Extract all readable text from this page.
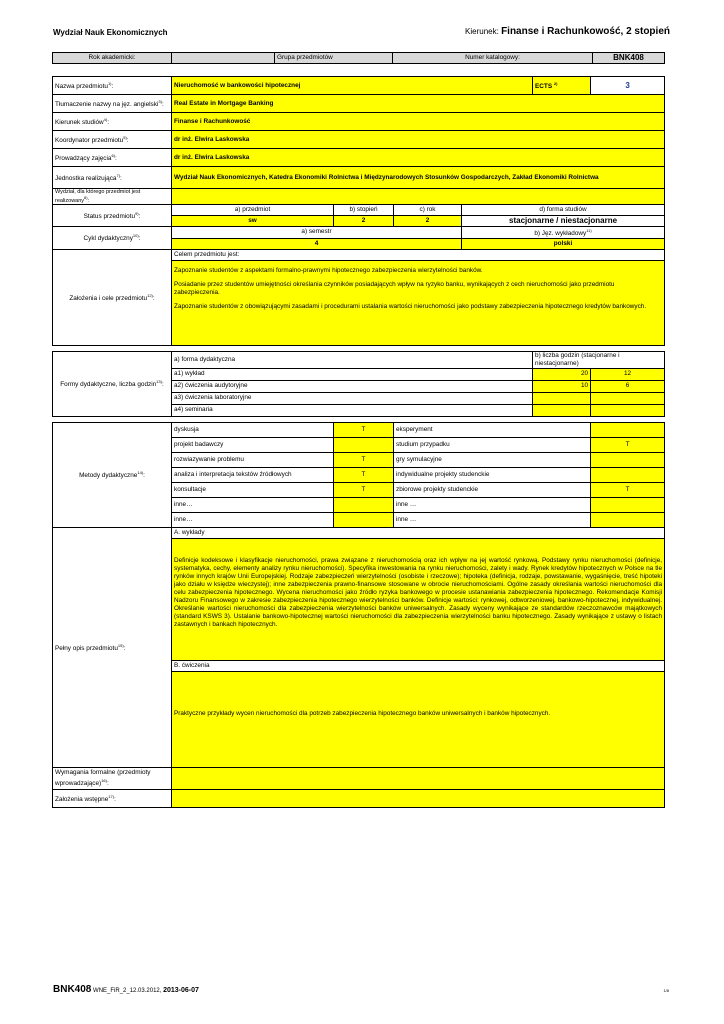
Wydział Nauk Ekonomicznych	Kierunek: Finanse i Rachunkowość, 2 stopień
Rok akademicki:		Grupa przedmiotów	Numer katalogowy:	BNK408
Nazwa przedmiotu$^{1)}$:	Nieruchomość w bankowości hipotecznej				ECTS $^{2)}$	3
Tłumaczenie nazwy na jęz. angielski$^{3)}$:	Real Estate in Mortgage Banking					
Kierunek studiów$^{4)}$:	Finanse i Rachunkowość					
Koordynator przedmiotu$^{5)}$:	dr inż. Elwira Laskowska					
Prowadzący zajęcia$^{6)}$:	dr inż. Elwira Laskowska					
Jednostka realizująca$^{7)}$:	Wydział Nauk Ekonomicznych, Katedra Ekonomiki Rolnictwa i Międzynarodowych Stosunków Gospodarczych, Zakład Ekonomiki Rolnictwa					
Wydział, dla którego przedmiot jest realizowany$^{8)}$:						
Status przedmiotu$^{9)}$:	a) przedmiot	b) stopień	c) rok	d) forma studiów		
	sw	2	2	stacjonarne / niestacjonarne		
Cykl dydaktyczny$^{10)}$:	a) semestr			b) Jęz. wykładowy$^{11)}$
	4			polski		
Założenia i cele przedmiotu$^{12)}$:	Celem przedmiotu jest:
Zapoznanie studentów z aspektami formalno-prawnymi hipotecznego zabezpieczenia wierzytelności banków.
Posiadanie przez studentów umiejętności określania czynników posiadających wpływ na ryzyko banku, wynikających z cech nieruchomości jako przedmiotu zabezpieczenia.
Zapoznanie studentów z obowiązującymi zasadami i procedurami ustalania wartości nieruchomości jako podstawy zabezpieczenia hipotecznego kredytów bankowych.					

Formy dydaktyczne, liczba godzin$^{13)}$:	a) forma dydaktyczna				b) liczba godzin (stacjonarne i niestacjonarne)	
	a1) wykład				20	12
	a2) ćwiczenia audytoryjne				10	6
	a3) ćwiczenia laboratoryjne					
	a4) seminaria					

Metody dydaktyczne$^{14)}$:	dyskusja	T	eksperyment			
	projekt badawczy		studium przypadku			T
	rozwiazywanie problemu	T	gry symulacyjne			
	analiza i interpretacja tekstów źródłowych	T	indywidualne projekty studenckie			
	konsultacje	T	zbiorowe projekty studenckie			T
	inne…		inne …			
	inne…		inne …			
Pełny opis przedmiotu$^{15)}$:	A. wykłady
Definicje kodeksowe i klasyfikacje nieruchomości, prawa związane z nieruchomością oraz ich wpływ na jej wartość rynkową. Podstawy rynku nieruchomości (definicje, systematyka, cechy, elementy analizy rynku nieruchomości). Specyfika inwestowania na rynku nieruchomości, zalety i wady. Rynek kredytów hipotecznych w Polsce na tle rynków innych krajów Unii Europejskiej. Rodzaje zabezpieczeń wierzytelności (osobiste i rzeczowe); hipoteka (definicja, rodzaje, powstawanie, wygaśnięcie, treść hipoteki jako działu w księdze wieczystej); inne zabezpieczenia prawno-finansowe stosowane w obrocie nieruchomościami. Ogólne zasady określania wartości nieruchomości dla celu zabezpieczenia hipotecznego. Wycena nieruchomości jako źródło ryzyka bankowego w procesie ustanawiania zabezpieczenia hipotecznego. Rekomendacje Komisji Nadzoru Finansowego w zakresie zabezpieczenia hipotecznego wierzytelności banków. Definicje wartości: rynkowej, odtworzeniowej, bankowo-hipotecznej, indywidualnej. Określanie wartości nieruchomości dla zabezpieczenia wierzytelności banków uniwersalnych. Zasady wyceny wynikające ze standardów rzeczoznawców majątkowych (standard KSWS 3). Ustalanie bankowo-hipotecznej wartości nieruchomości dla zabezpieczenia wierzytelności banku hipotecznego. Zasady wynikające z ustawy o listach zastawnych i bankach hipotecznych.
B. ćwiczenia
Praktyczne przykłady wycen nieruchomości dla potrzeb zabezpieczenia hipotecznego banków uniwersalnych i banków hipotecznych.					

Wymagania formalne (przedmioty wprowadzające)$^{16)}$:						
Założenia wstępne$^{17)}$:						
BNK408 WNE_FiR_2_12.03.2012, 2013-06-07	1/8
